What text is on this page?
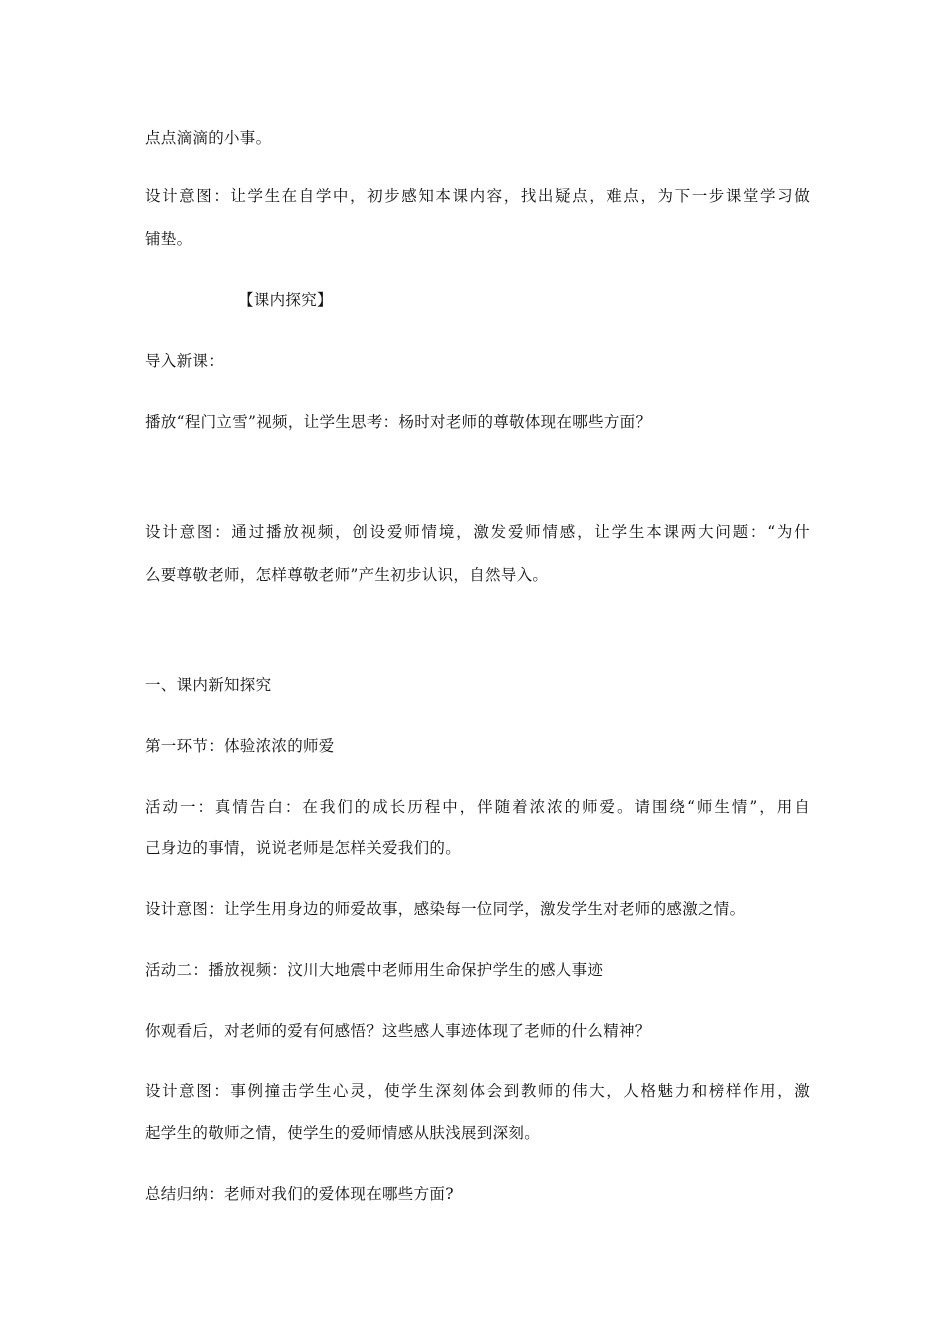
点点滴滴的小事。
设计意图：让学生在自学中，初步感知本课内容，找出疑点，难点，为下一步课堂学习做
铺垫。
【课内探究】
导入新课：
播放“程门立雪”视频，让学生思考：杨时对老师的尊敬体现在哪些方面？
设计意图：通过播放视频，创设爱师情境，激发爱师情感，让学生本课两大问题：“为什
么要尊敬老师，怎样尊敬老师”产生初步认识，自然导入。
一、课内新知探究
第一环节：体验浓浓的师爱
活动一：真情告白：在我们的成长历程中，伴随着浓浓的师爱。请围绕“师生情”，用自
己身边的事情，说说老师是怎样关爱我们的。
设计意图：让学生用身边的师爱故事，感染每一位同学，激发学生对老师的感激之情。
活动二：播放视频：汶川大地震中老师用生命保护学生的感人事迹
你观看后，对老师的爱有何感悟？这些感人事迹体现了老师的什么精神？
设计意图：事例撞击学生心灵，使学生深刻体会到教师的伟大，人格魅力和榜样作用，激
起学生的敬师之情，使学生的爱师情感从肤浅展到深刻。
总结归纳：老师对我们的爱体现在哪些方面?
